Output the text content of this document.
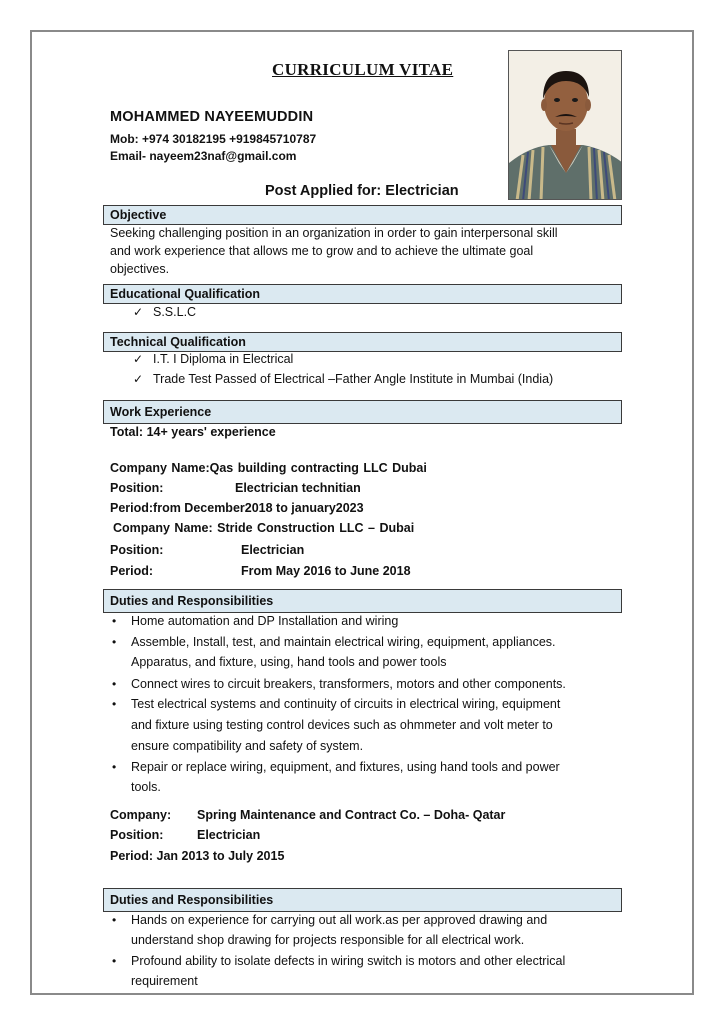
CURRICULUM VITAE
MOHAMMED NAYEEMUDDIN
Mob: +974 30182195 +919845710787
Email- nayeem23naf@gmail.com
Post Applied for: Electrician
Objective
Seeking challenging position in an organization in order to gain interpersonal skill
and work experience that allows me to grow and to achieve the ultimate goal
objectives.
Educational Qualification
✓ S.S.L.C
Technical Qualification
✓ I.T. I Diploma in Electrical
✓ Trade Test Passed of Electrical –Father Angle Institute in Mumbai (India)
Work Experience
Total: 14+ years' experience
Company Name:Qas building contracting LLC Dubai
Position:	Electrician technitian
Period:from December2018 to january2023
Company Name: Stride Construction LLC – Dubai
Position:	Electrician
Period:	From May 2016 to June 2018
Duties and Responsibilities
• Home automation and DP Installation and wiring
• Assemble, Install, test, and maintain electrical wiring, equipment, appliances.
Apparatus, and fixture, using, hand tools and power tools
• Connect wires to circuit breakers, transformers, motors and other components.
• Test electrical systems and continuity of circuits in electrical wiring, equipment
and fixture using testing control devices such as ohmmeter and volt meter to
ensure compatibility and safety of system.
• Repair or replace wiring, equipment, and fixtures, using hand tools and power
tools.
Company: Spring Maintenance and Contract Co. – Doha- Qatar
Position:	Electrician
Period: Jan 2013 to July 2015
Duties and Responsibilities
• Hands on experience for carrying out all work.as per approved drawing and
understand shop drawing for projects responsible for all electrical work.
• Profound ability to isolate defects in wiring switch is motors and other electrical
requirement
